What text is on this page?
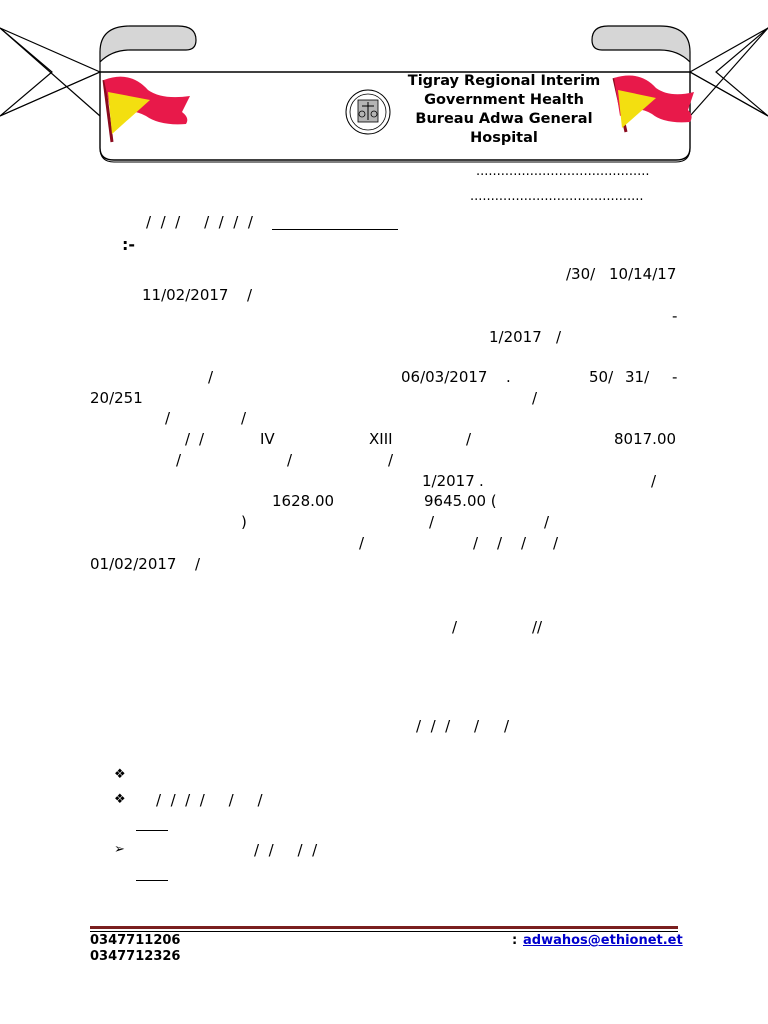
Tigray Regional Interim Government Health Bureau Adwa General Hospital
..........................................
..........................................
/  /  /     /  /  /  /
:-
/30/ 10/14/17
11/02/2017 /
-
1/2017 /
/	06/03/2017 .	50/ 31/ -
20/251	/
/	/
/ /	IV	XIII	/	8017.00
/	/	/
1/2017 .	/
1628.00	9645.00 (
)	/	/
/	/ / / /
01/02/2017 /
/	//
/  /  / / /
❖
❖ /  /  /  /     /     /
➢	/  /     /  /
0347711206
0347712326
: adwahos@ethionet.et
